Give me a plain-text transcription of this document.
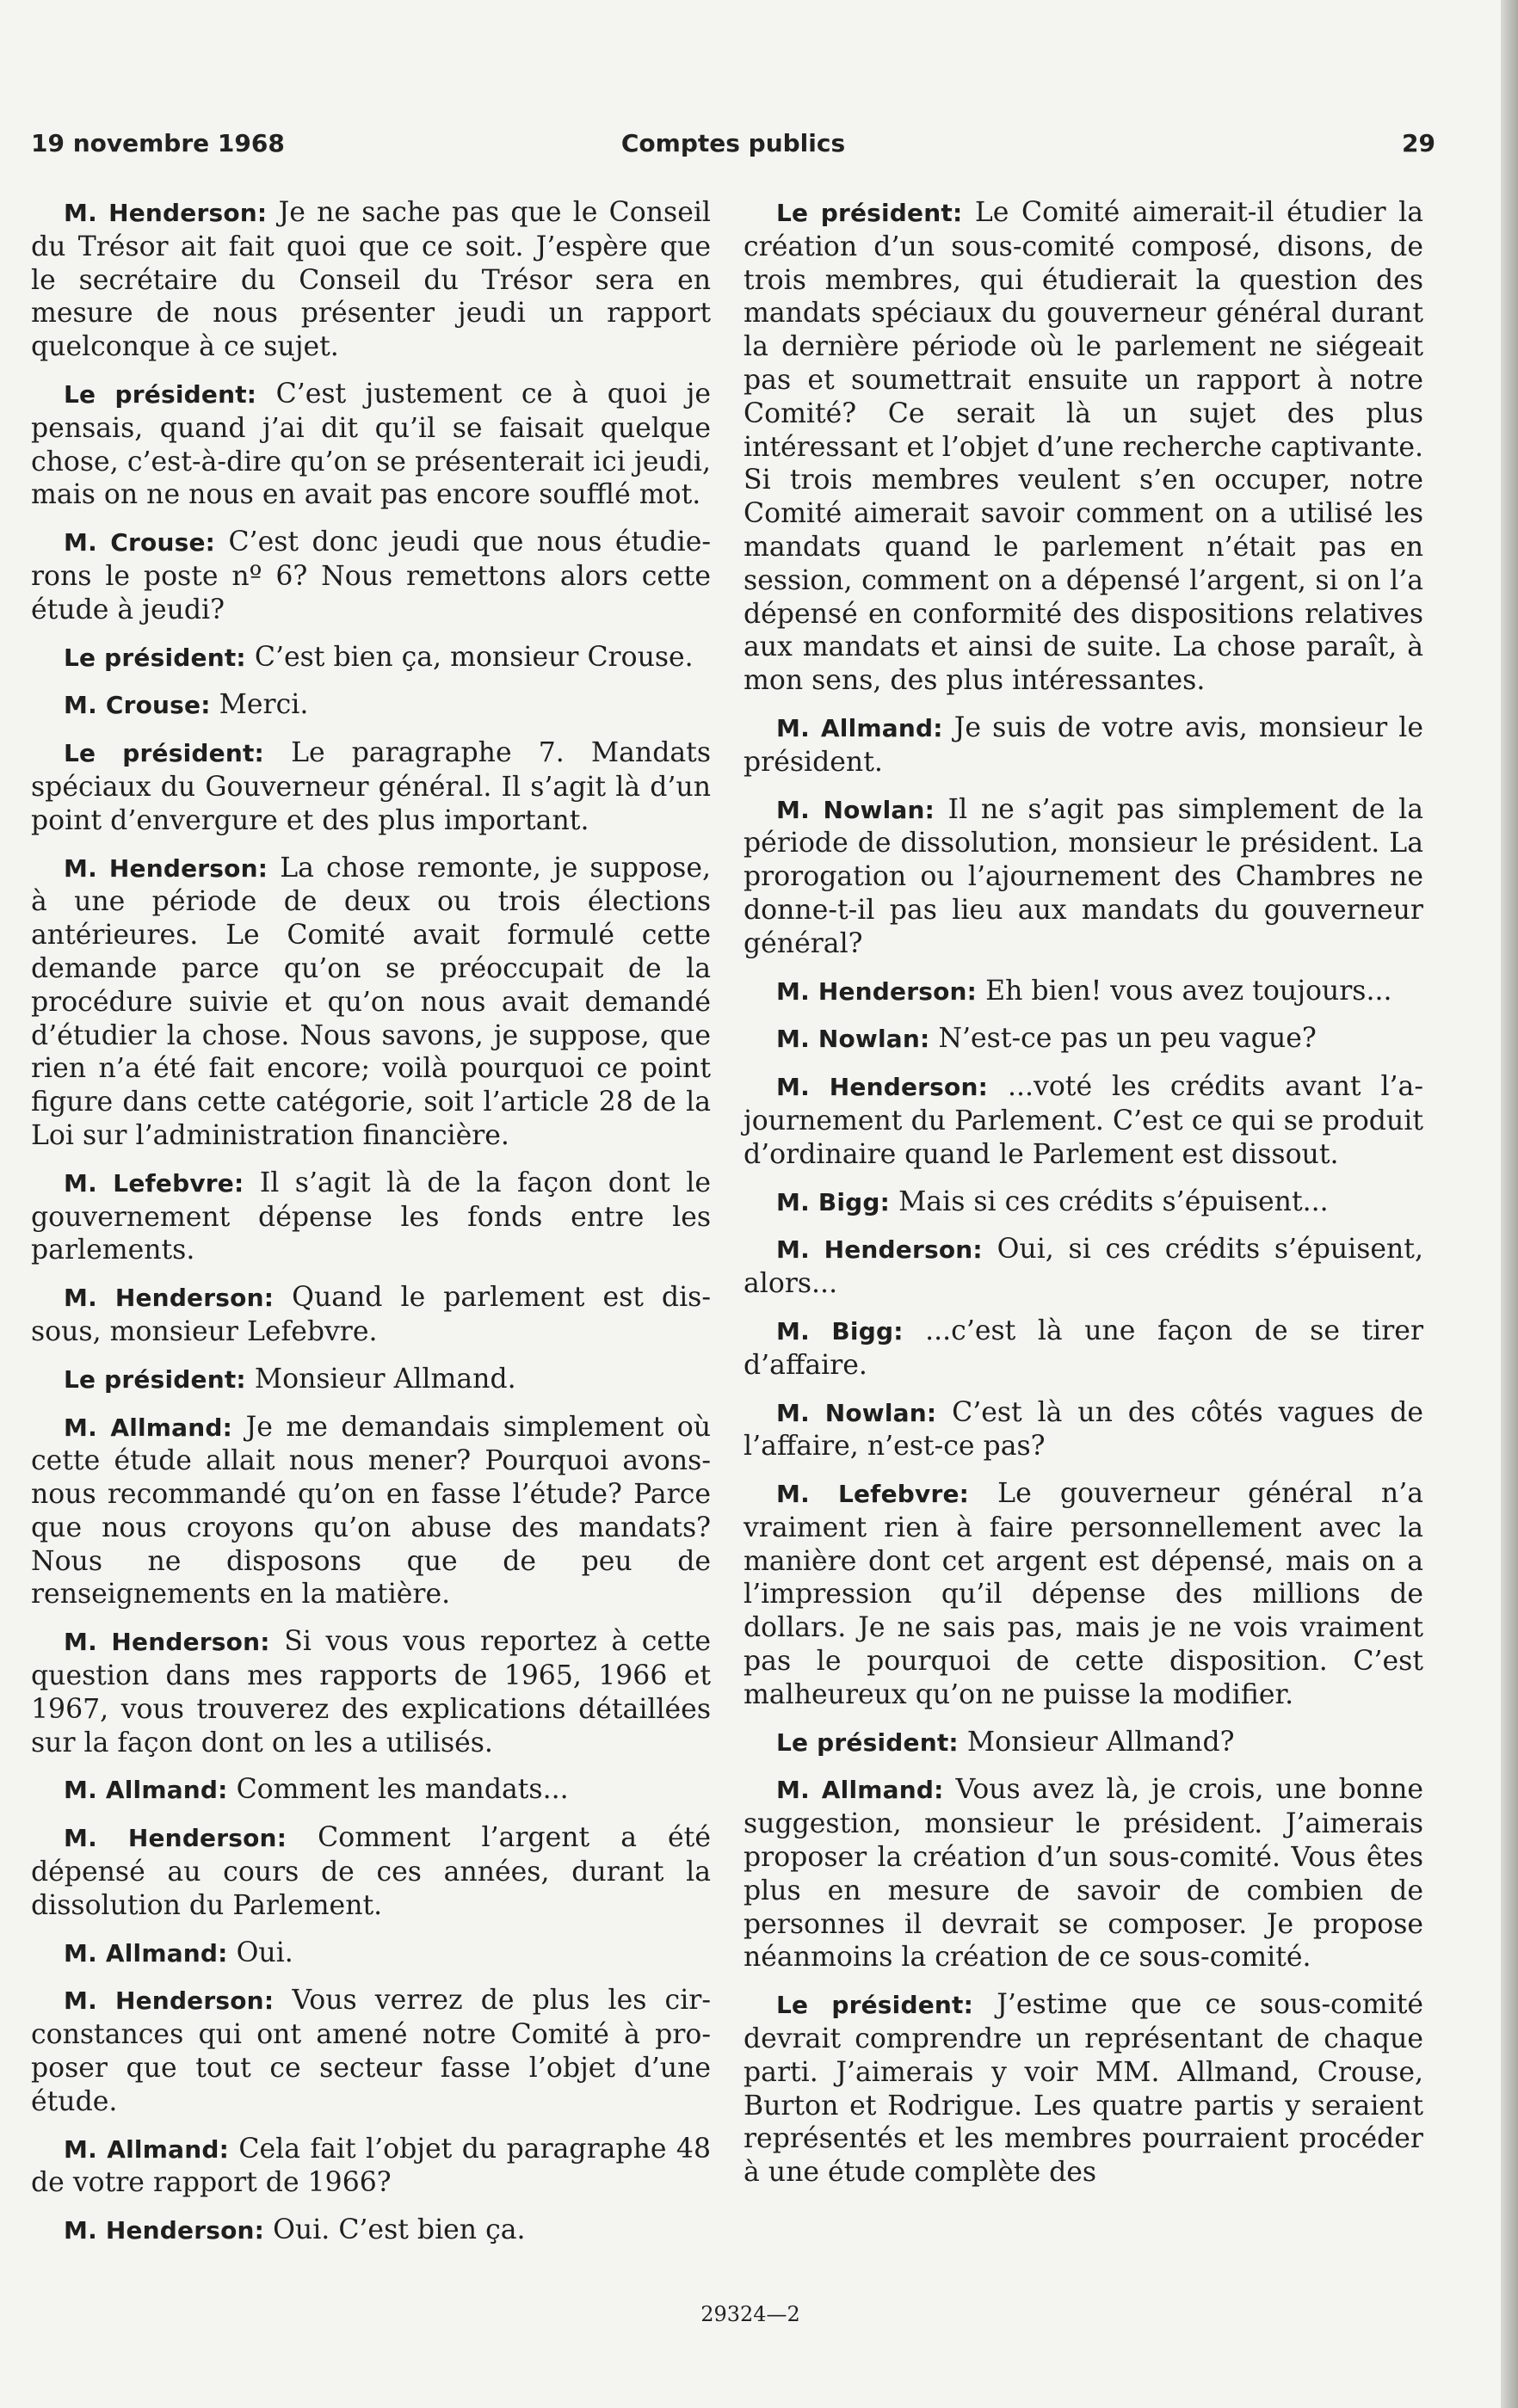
19 novembre 1968	Comptes publics	29

M. Henderson: Je ne sache pas que le Conseil du Trésor ait fait quoi que ce soit. J’espère que le secrétaire du Conseil du Trésor sera en mesure de nous présenter jeudi un rapport quelconque à ce sujet.

Le président: C’est justement ce à quoi je pensais, quand j’ai dit qu’il se faisait quelque chose, c’est-à-dire qu’on se présenterait ici jeudi, mais on ne nous en avait pas encore soufflé mot.

M. Crouse: C’est donc jeudi que nous étudierons le poste nº 6? Nous remettons alors cette étude à jeudi?

Le président: C’est bien ça, monsieur Crouse.

M. Crouse: Merci.

Le président: Le paragraphe 7. Mandats spéciaux du Gouverneur général. Il s’agit là d’un point d’envergure et des plus important.

M. Henderson: La chose remonte, je suppose, à une période de deux ou trois élections antérieures. Le Comité avait formulé cette demande parce qu’on se préoccupait de la procédure suivie et qu’on nous avait demandé d’étudier la chose. Nous savons, je suppose, que rien n’a été fait encore; voilà pourquoi ce point figure dans cette catégorie, soit l’article 28 de la Loi sur l’administration financière.

M. Lefebvre: Il s’agit là de la façon dont le gouvernement dépense les fonds entre les parlements.

M. Henderson: Quand le parlement est dissous, monsieur Lefebvre.

Le président: Monsieur Allmand.

M. Allmand: Je me demandais simplement où cette étude allait nous mener? Pourquoi avons-nous recommandé qu’on en fasse l’étude? Parce que nous croyons qu’on abuse des mandats? Nous ne disposons que de peu de renseignements en la matière.

M. Henderson: Si vous vous reportez à cette question dans mes rapports de 1965, 1966 et 1967, vous trouverez des explications détaillées sur la façon dont on les a utilisés.

M. Allmand: Comment les mandats...

M. Henderson: Comment l’argent a été dépensé au cours de ces années, durant la dissolution du Parlement.

M. Allmand: Oui.

M. Henderson: Vous verrez de plus les circonstances qui ont amené notre Comité à proposer que tout ce secteur fasse l’objet d’une étude.

M. Allmand: Cela fait l’objet du paragraphe 48 de votre rapport de 1966?

M. Henderson: Oui. C’est bien ça.

Le président: Le Comité aimerait-il étudier la création d’un sous-comité composé, disons, de trois membres, qui étudierait la question des mandats spéciaux du gouverneur général durant la dernière période où le parlement ne siégeait pas et soumettrait ensuite un rapport à notre Comité? Ce serait là un sujet des plus intéressant et l’objet d’une recherche captivante. Si trois membres veulent s’en occuper, notre Comité aimerait savoir comment on a utilisé les mandats quand le parlement n’était pas en session, comment on a dépensé l’argent, si on l’a dépensé en conformité des dispositions relatives aux mandats et ainsi de suite. La chose paraît, à mon sens, des plus intéressantes.

M. Allmand: Je suis de votre avis, monsieur le président.

M. Nowlan: Il ne s’agit pas simplement de la période de dissolution, monsieur le président. La prorogation ou l’ajournement des Chambres ne donne-t-il pas lieu aux mandats du gouverneur général?

M. Henderson: Eh bien! vous avez toujours...

M. Nowlan: N’est-ce pas un peu vague?

M. Henderson: ...voté les crédits avant l’ajournement du Parlement. C’est ce qui se produit d’ordinaire quand le Parlement est dissout.

M. Bigg: Mais si ces crédits s’épuisent...

M. Henderson: Oui, si ces crédits s’épuisent, alors...

M. Bigg: ...c’est là une façon de se tirer d’affaire.

M. Nowlan: C’est là un des côtés vagues de l’affaire, n’est-ce pas?

M. Lefebvre: Le gouverneur général n’a vraiment rien à faire personnellement avec la manière dont cet argent est dépensé, mais on a l’impression qu’il dépense des millions de dollars. Je ne sais pas, mais je ne vois vraiment pas le pourquoi de cette disposition. C’est malheureux qu’on ne puisse la modifier.

Le président: Monsieur Allmand?

M. Allmand: Vous avez là, je crois, une bonne suggestion, monsieur le président. J’aimerais proposer la création d’un sous-comité. Vous êtes plus en mesure de savoir de combien de personnes il devrait se composer. Je propose néanmoins la création de ce sous-comité.

Le président: J’estime que ce sous-comité devrait comprendre un représentant de chaque parti. J’aimerais y voir MM. Allmand, Crouse, Burton et Rodrigue. Les quatre partis y seraient représentés et les membres pourraient procéder à une étude complète des

29324—2
